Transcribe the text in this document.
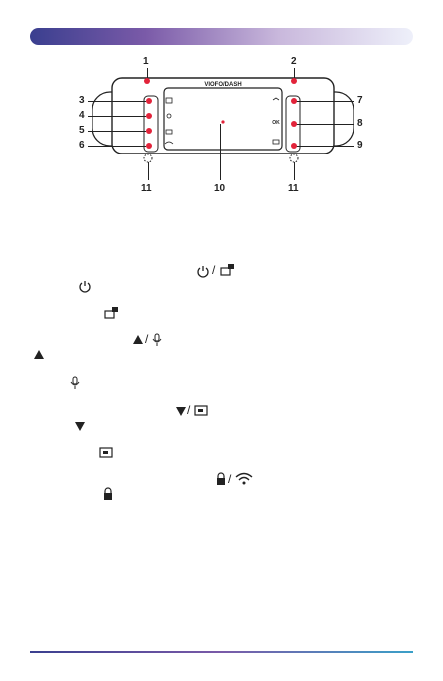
VIOFO/DASH
OK
1	2
3
4
5
6
7
8
9
10
11	11
/
/
/
/
